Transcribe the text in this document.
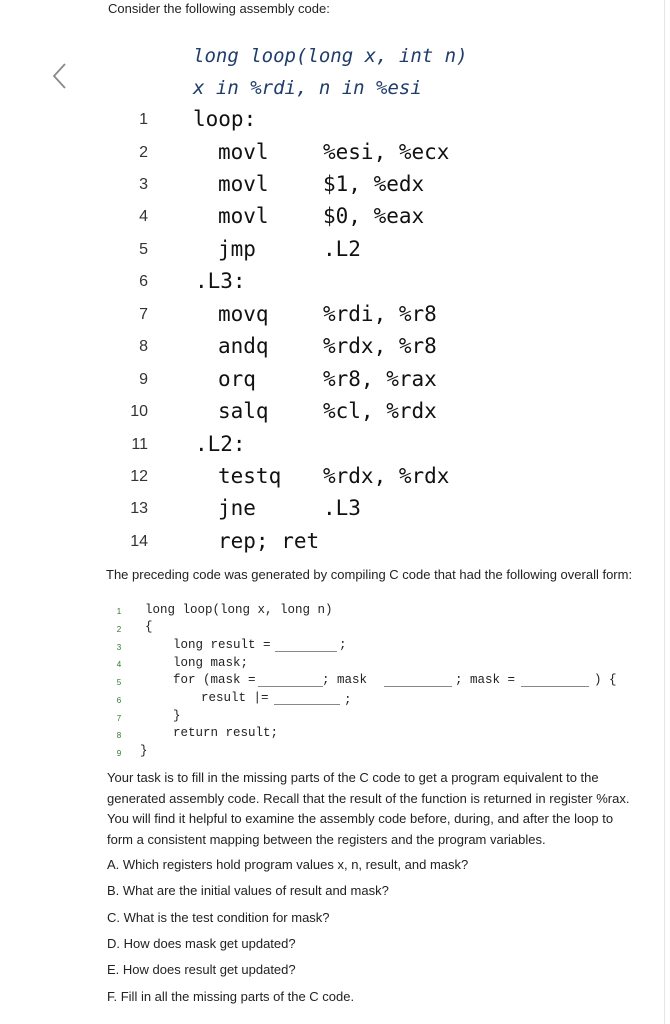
Consider the following assembly code:
long loop(long x, int n)
x in %rdi, n in %esi
1 loop:
2	movl	%esi, %ecx
3	movl	$1, %edx
4	movl	$0, %eax
5	jmp	.L2
6 .L3:
7	movq	%rdi, %r8
8	andq	%rdx, %r8
9	orq	%r8, %rax
10	salq	%cl, %rdx
11 .L2:
12	testq %rdx, %rdx
13	jne	.L3
14	rep; ret
The preceding code was generated by compiling C code that had the following overall form:
1
2
3
4
5
6
7
8
9
long loop(long x, long n)
{
long result =	;
long mask;
for (mask =	; mask	; mask =	) {
result |=	;
}
return result;
}
Your task is to fill in the missing parts of the C code to get a program equivalent to the generated assembly code. Recall that the result of the function is returned in register %rax. You will find it helpful to examine the assembly code before, during, and after the loop to form a consistent mapping between the registers and the program variables.
A. Which registers hold program values x, n, result, and mask?
B. What are the initial values of result and mask?
C. What is the test condition for mask?
D. How does mask get updated?
E. How does result get updated?
F. Fill in all the missing parts of the C code.
